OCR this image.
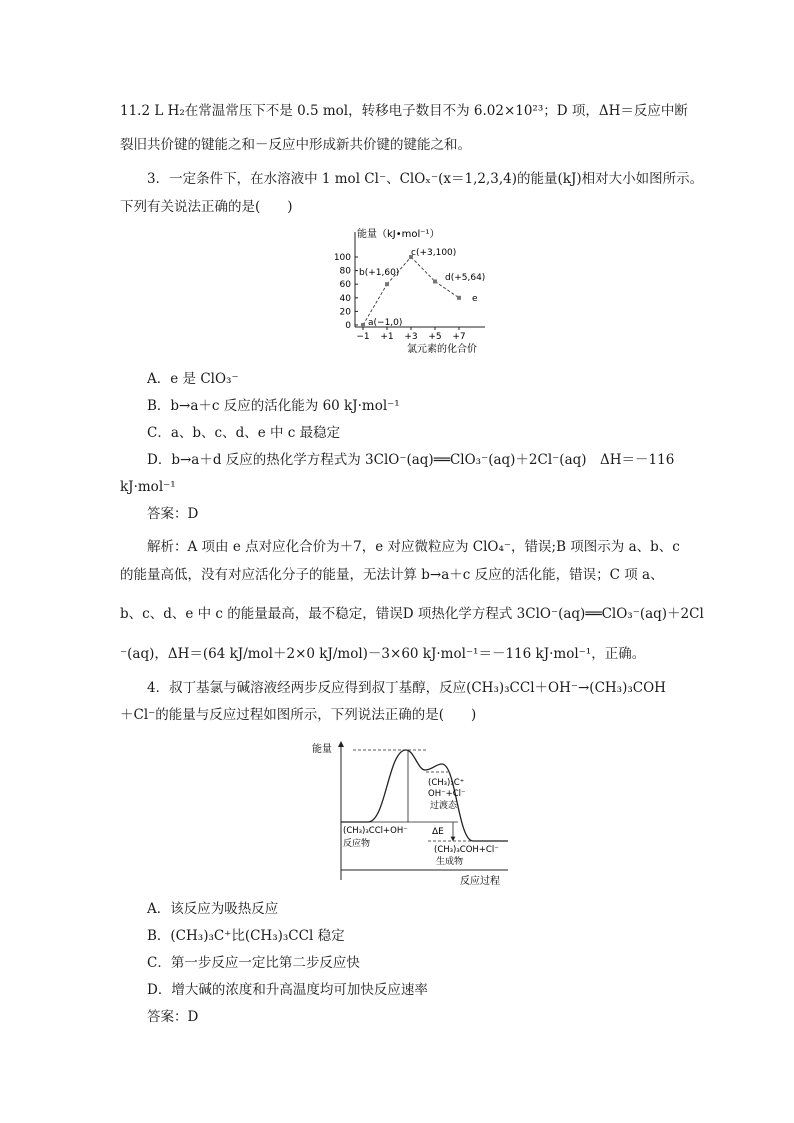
11.2 L H₂在常温常压下不是 0.5 mol，转移电子数目不为 6.02×10²³；D 项，ΔH＝反应中断
裂旧共价键的键能之和－反应中形成新共价键的键能之和。
3．一定条件下，在水溶液中 1 mol Cl⁻、ClOₓ⁻(x＝1,2,3,4)的能量(kJ)相对大小如图所示。
下列有关说法正确的是(　　)
能量（kJ•mol⁻¹）
100
80
60
40
20
0
−1 +1 +3 +5 +7
a(−1,0)
b(+1,60)
c(+3,100)
d(+5,64)
e
氯元素的化合价
A．e 是 ClO₃⁻
B．b→a＋c 反应的活化能为 60 kJ·mol⁻¹
C．a、b、c、d、e 中 c 最稳定
D．b→a＋d 反应的热化学方程式为 3ClO⁻(aq)══ClO₃⁻(aq)＋2Cl⁻(aq)　ΔH＝－116
kJ·mol⁻¹
答案：D
解析：A 项由 e 点对应化合价为＋7，e 对应微粒应为 ClO₄⁻，错误;B 项图示为 a、b、c
的能量高低，没有对应活化分子的能量，无法计算 b→a＋c 反应的活化能，错误；C 项 a、
b、c、d、e 中 c 的能量最高，最不稳定，错误D 项热化学方程式 3ClO⁻(aq)══ClO₃⁻(aq)＋2Cl
⁻(aq)，ΔH＝(64 kJ/mol＋2×0 kJ/mol)－3×60 kJ·mol⁻¹＝－116 kJ·mol⁻¹，正确。
4．叔丁基氯与碱溶液经两步反应得到叔丁基醇，反应(CH₃)₃CCl＋OH⁻→(CH₃)₃COH
＋Cl⁻的能量与反应过程如图所示，下列说法正确的是(　　)
能量
(CH₃)₃CCl+OH⁻
反应物
(CH₃)₃C⁺
OH⁻+Cl⁻
过渡态
ΔE
(CH₃)₃COH+Cl⁻
生成物
反应过程
A．该反应为吸热反应
B．(CH₃)₃C⁺比(CH₃)₃CCl 稳定
C．第一步反应一定比第二步反应快
D．增大碱的浓度和升高温度均可加快反应速率
答案：D
